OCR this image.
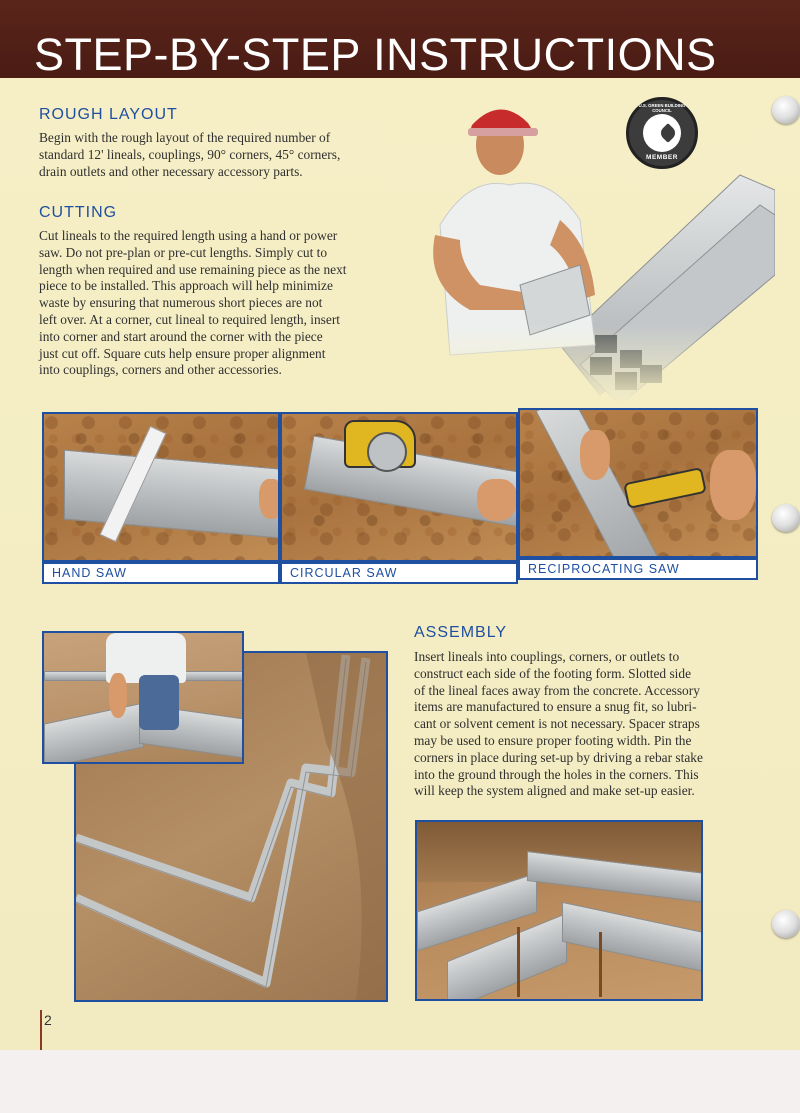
STEP-BY-STEP INSTRUCTIONS
ROUGH LAYOUT
Begin with the rough layout of the required number of
standard 12' lineals, couplings, 90° corners, 45° corners,
drain outlets and other necessary accessory parts.
CUTTING
Cut lineals to the required length using a hand or power
saw. Do not pre-plan or pre-cut lengths. Simply cut to
length when required and use remaining piece as the next
piece to be installed. This approach will help minimize
waste by ensuring that numerous short pieces are not
left over. At a corner, cut lineal to required length, insert
into corner and start around the corner with the piece
just cut off. Square cuts help ensure proper alignment
into couplings, corners and other accessories.
U.S. GREEN BUILDING COUNCIL
MEMBER
HAND SAW	CIRCULAR SAW	RECIPROCATING SAW
ASSEMBLY
Insert lineals into couplings, corners, or outlets to
construct each side of the footing form. Slotted side
of the lineal faces away from the concrete. Accessory
items are manufactured to ensure a snug fit, so lubri-
cant or solvent cement is not necessary. Spacer straps
may be used to ensure proper footing width. Pin the
corners in place during set-up by driving a rebar stake
into the ground through the holes in the corners. This
will keep the system aligned and make set-up easier.
2
